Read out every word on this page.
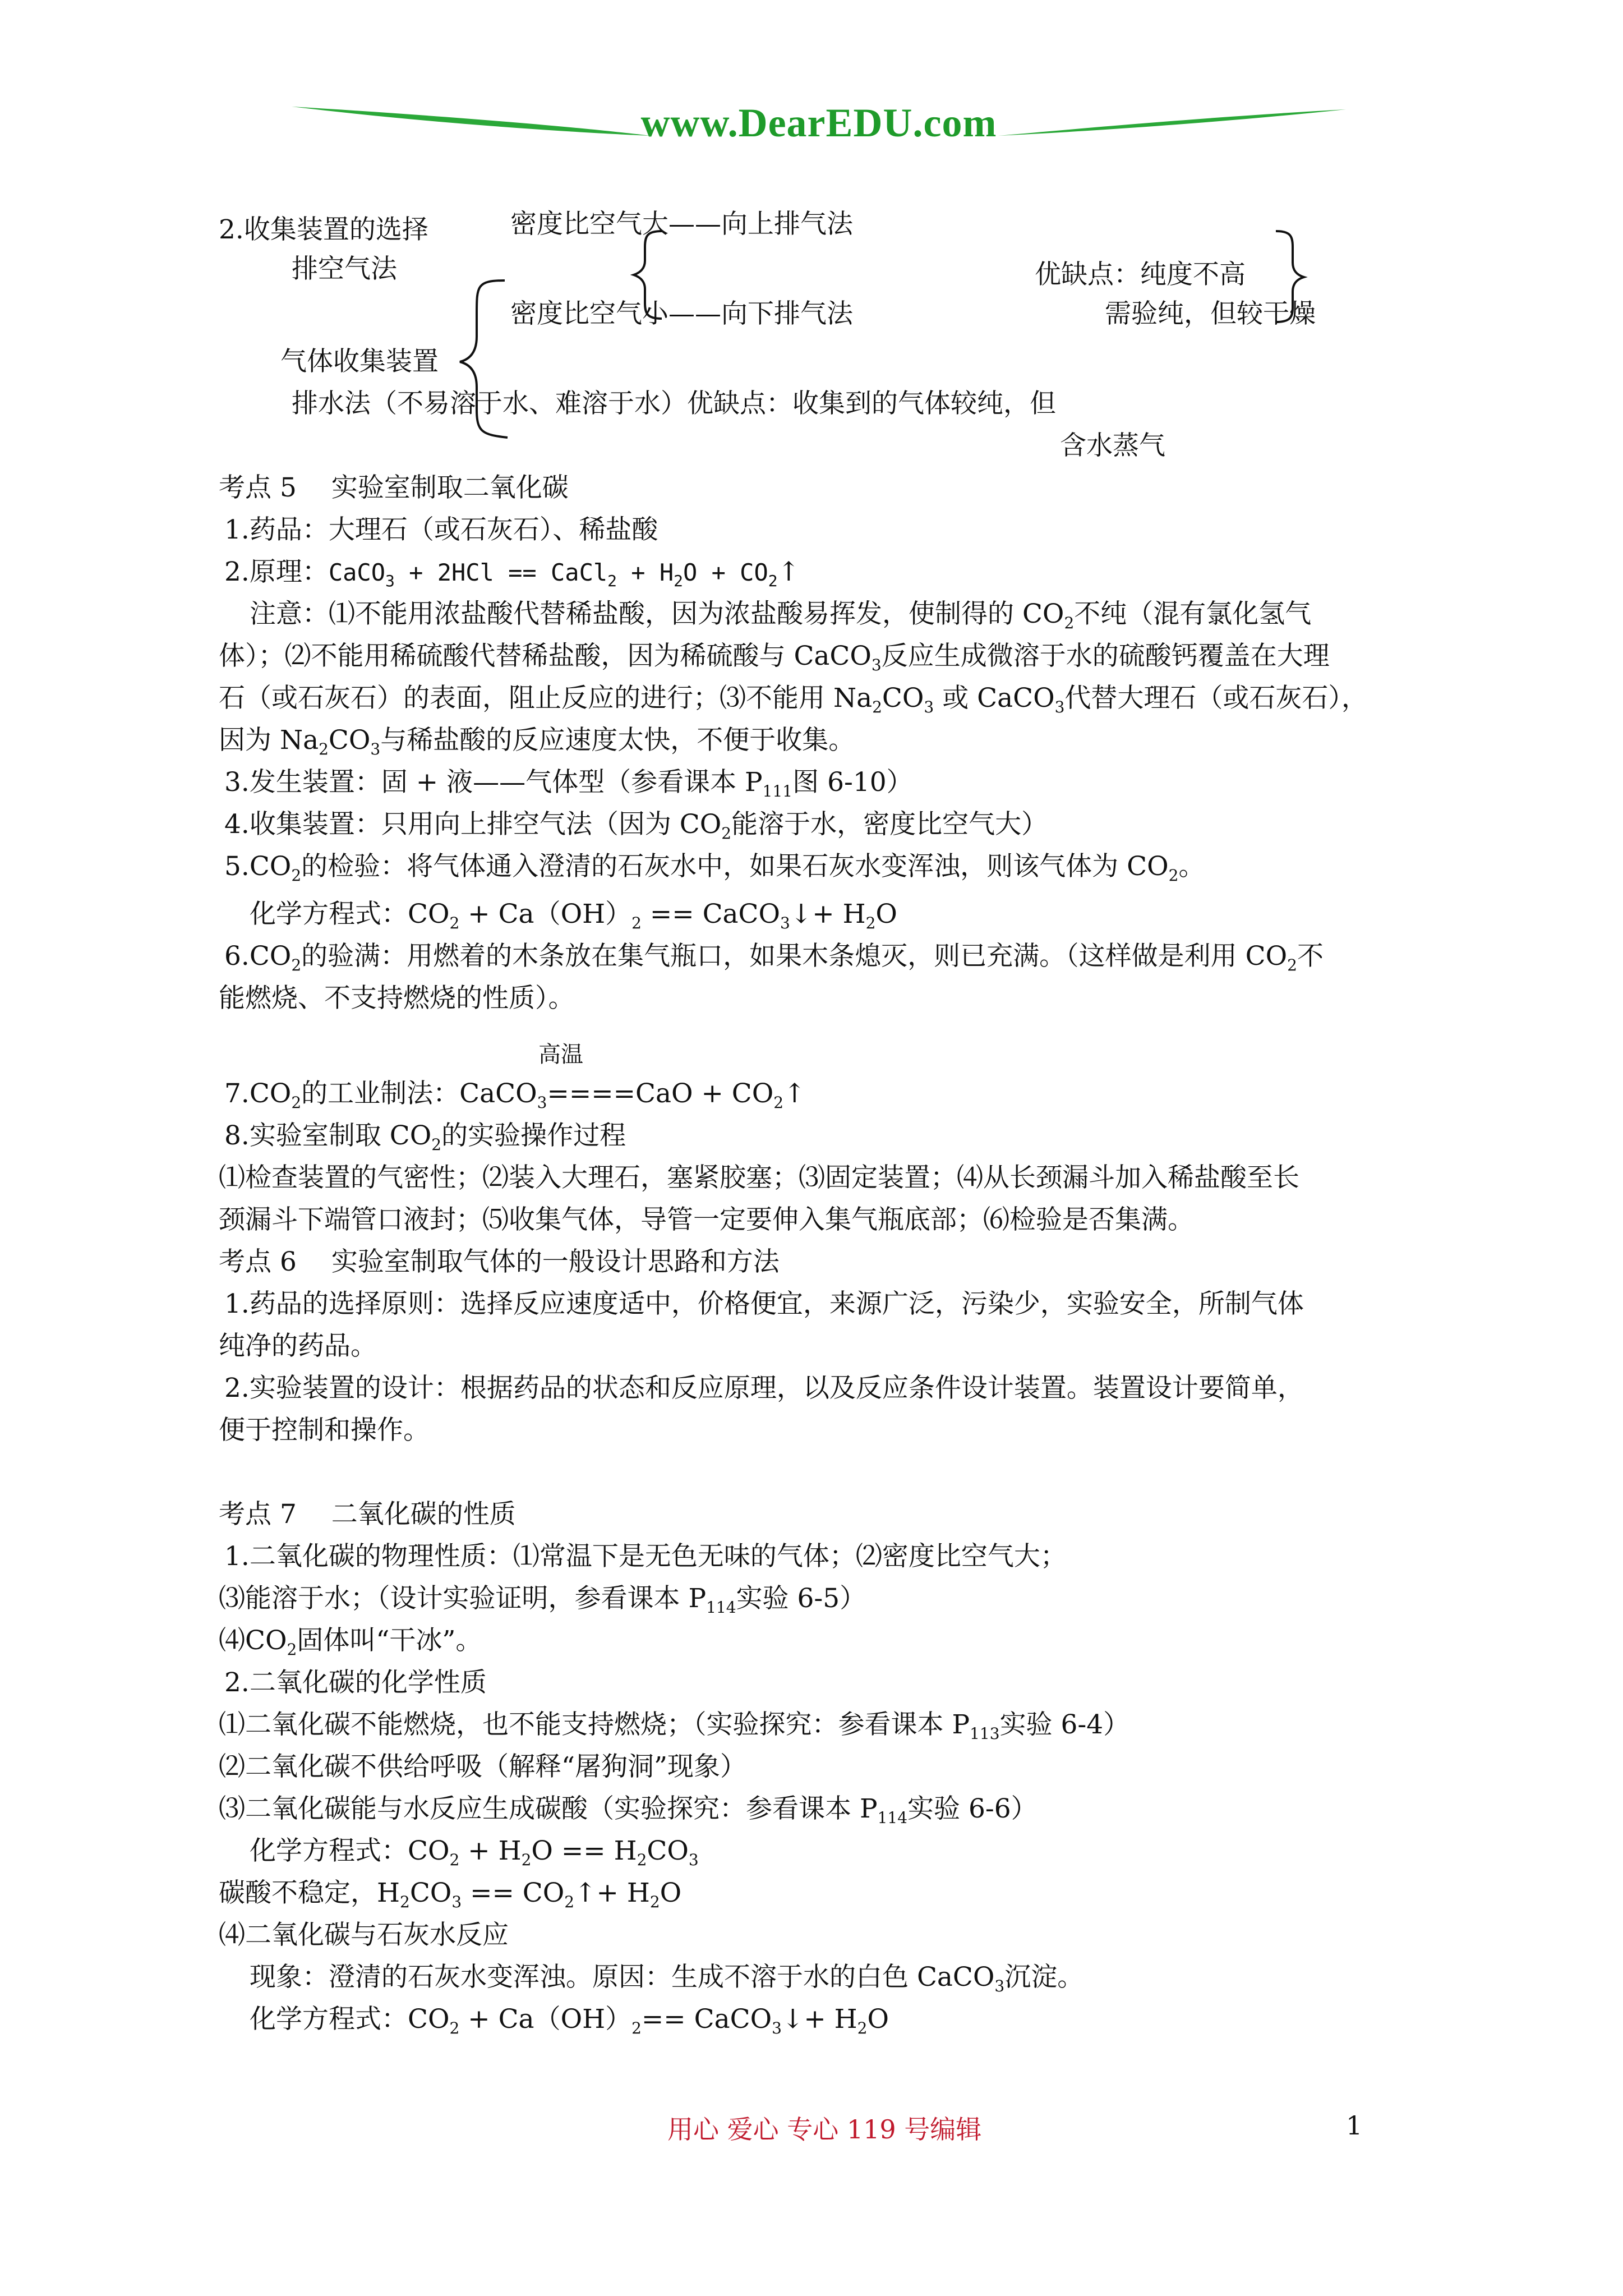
www.DearEDU.com
2.收集装置的选择	密度比空气大——向上排气法
密度比空气小——向下排气法
排空气法	优缺点：纯度不高
需验纯，但较干燥
气体收集装置
排水法（不易溶于水、难溶于水）优缺点：收集到的气体较纯，但
含水蒸气
考点 5　 实验室制取二氧化碳
1.药品：大理石（或石灰石）、稀盐酸
2.原理：CaCO$_3$ + 2HCl == CaCl$_2$ + $H_2O$ + $CO_2↑$
注意：⑴不能用浓盐酸代替稀盐酸，因为浓盐酸易挥发，使制得的 $CO_2$不纯（混有氯化氢气
体）；⑵不能用稀硫酸代替稀盐酸，因为稀硫酸与 CaCO$_3$反应生成微溶于水的硫酸钙覆盖在大理
石（或石灰石）的表面，阻止反应的进行；⑶不能用 $Na_2CO_3$ 或 CaCO$_3$代替大理石（或石灰石），
因为 $Na_2CO_3$与稀盐酸的反应速度太快，不便于收集。
3.发生装置：固 + 液——气体型（参看课本 $P_{111}$图 6-10）
4.收集装置：只用向上排空气法（因为 $CO_2$能溶于水，密度比空气大）
$5.CO_2$的检验：将气体通入澄清的石灰水中，如果石灰水变浑浊，则该气体为 $CO_2$。
化学方程式：$CO_2 + Ca(OH)_2$ == CaCO$_3$↓+ $H_2O$
$6.CO_2$的验满：用燃着的木条放在集气瓶口，如果木条熄灭，则已充满。（这样做是利用 $CO_2$不
能燃烧、不支持燃烧的性质）。
高温
$7.CO_2$的工业制法：CaCO$_3$====CaO + $CO_2↑$
8.实验室制取 $CO_2$的实验操作过程
⑴检查装置的气密性；⑵装入大理石，塞紧胶塞；⑶固定装置；⑷从长颈漏斗加入稀盐酸至长
颈漏斗下端管口液封；⑸收集气体，导管一定要伸入集气瓶底部；⑹检验是否集满。
考点 6　 实验室制取气体的一般设计思路和方法
1.药品的选择原则：选择反应速度适中，价格便宜，来源广泛，污染少，实验安全，所制气体
纯净的药品。
2.实验装置的设计：根据药品的状态和反应原理，以及反应条件设计装置。装置设计要简单，
便于控制和操作。
考点 7　 二氧化碳的性质
1.二氧化碳的物理性质：⑴常温下是无色无味的气体；⑵密度比空气大；
⑶能溶于水；（设计实验证明，参看课本 $P_{114}$实验 6-5）
$⑷CO_2$固体叫“干冰”。
2.二氧化碳的化学性质
⑴二氧化碳不能燃烧，也不能支持燃烧；（实验探究：参看课本 $P_{113}$实验 6-4）
⑵二氧化碳不供给呼吸（解释“屠狗洞”现象）
⑶二氧化碳能与水反应生成碳酸（实验探究：参看课本 $P_{114}$实验 6-6）
化学方程式：$CO_2 + H_2O == H_2CO_3$
碳酸不稳定，$H_2CO_3$ == $CO_2↑+ H_2O$
⑷二氧化碳与石灰水反应
现象：澄清的石灰水变浑浊。原因：生成不溶于水的白色 CaCO$_3$沉淀。
化学方程式：$CO_2 + Ca(OH)_2==$ CaCO$_3$↓+ $H_2O$
用心 爱心 专心 119 号编辑	1
